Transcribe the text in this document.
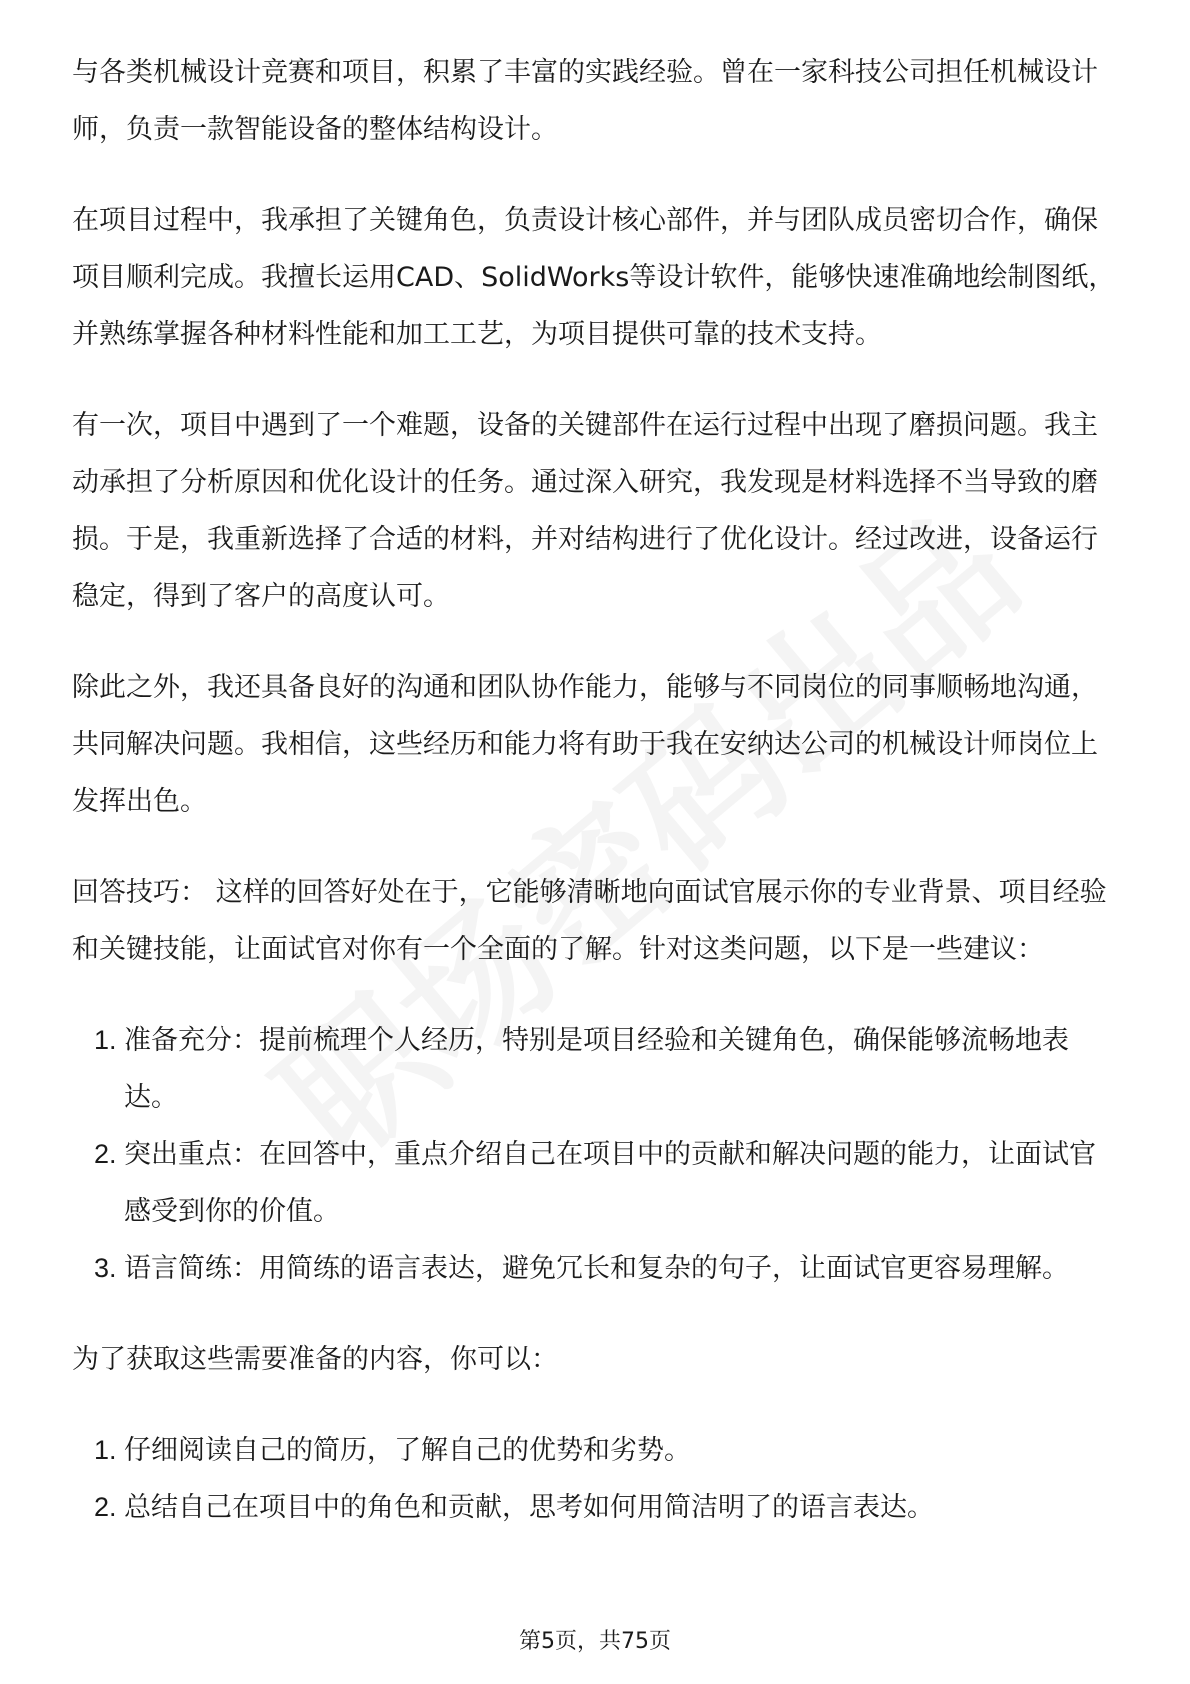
与各类机械设计竞赛和项目，积累了丰富的实践经验。曾在一家科技公司担任机械设计师，负责一款智能设备的整体结构设计。

在项目过程中，我承担了关键角色，负责设计核心部件，并与团队成员密切合作，确保项目顺利完成。我擅长运用CAD、SolidWorks等设计软件，能够快速准确地绘制图纸，并熟练掌握各种材料性能和加工工艺，为项目提供可靠的技术支持。

有一次，项目中遇到了一个难题，设备的关键部件在运行过程中出现了磨损问题。我主动承担了分析原因和优化设计的任务。通过深入研究，我发现是材料选择不当导致的磨损。于是，我重新选择了合适的材料，并对结构进行了优化设计。经过改进，设备运行稳定，得到了客户的高度认可。

除此之外，我还具备良好的沟通和团队协作能力，能够与不同岗位的同事顺畅地沟通，共同解决问题。我相信，这些经历和能力将有助于我在安纳达公司的机械设计师岗位上发挥出色。

回答技巧： 这样的回答好处在于，它能够清晰地向面试官展示你的专业背景、项目经验和关键技能，让面试官对你有一个全面的了解。针对这类问题，以下是一些建议：

1. 准备充分：提前梳理个人经历，特别是项目经验和关键角色，确保能够流畅地表达。
2. 突出重点：在回答中，重点介绍自己在项目中的贡献和解决问题的能力，让面试官感受到你的价值。
3. 语言简练：用简练的语言表达，避免冗长和复杂的句子，让面试官更容易理解。

为了获取这些需要准备的内容，你可以：

1. 仔细阅读自己的简历，了解自己的优势和劣势。
2. 总结自己在项目中的角色和贡献，思考如何用简洁明了的语言表达。
第5页，共75页
